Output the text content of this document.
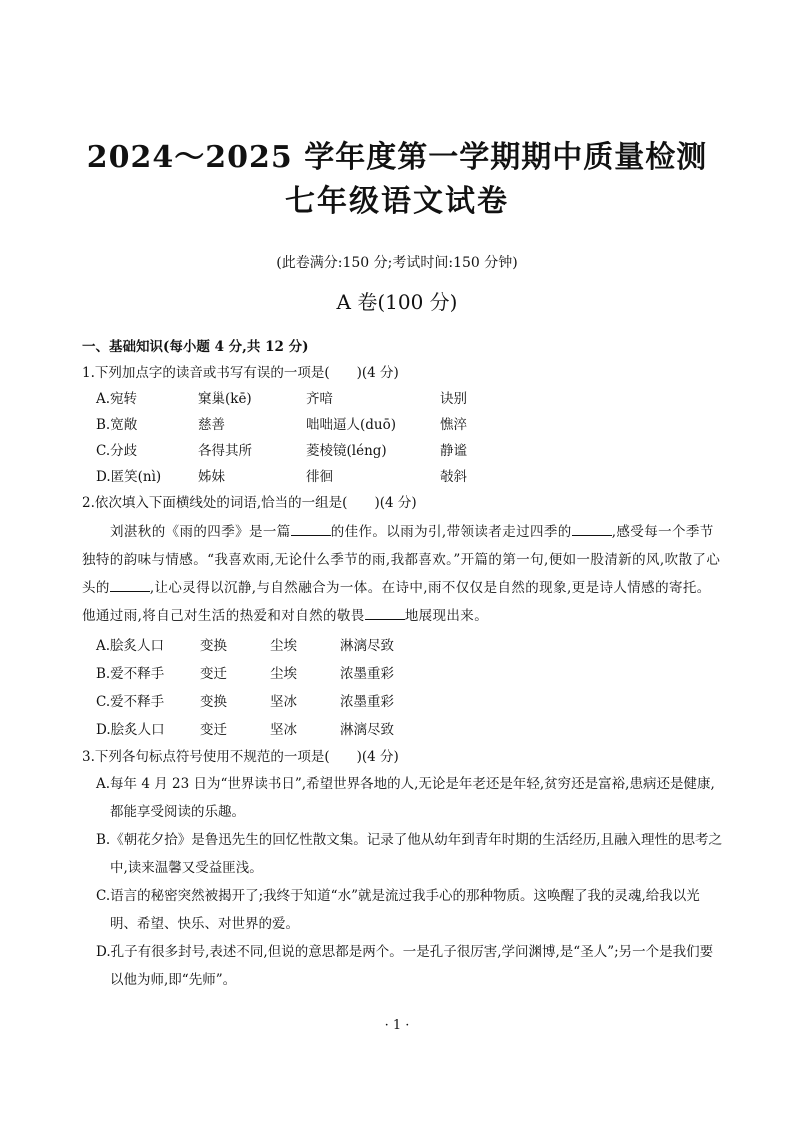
2024～2025 学年度第一学期期中质量检测
七年级语文试卷
(此卷满分:150 分;考试时间:150 分钟)
A 卷(100 分)
一、基础知识(每小题 4 分,共 12 分)
1.下列加点字的读音或书写有误的一项是(　　)(4 分)
A.宛转	窠巢(kē)	齐喑	诀别
B.宽敞	慈善	咄咄逼人(duō)	憔淬
C.分歧	各得其所	菱棱镜(léng)	静谧
D.匿笑(nì)	姊妹	徘徊	攲斜
2.依次填入下面横线处的词语,恰当的一组是(　　)(4 分)
刘湛秋的《雨的四季》是一篇	的佳作。以雨为引,带领读者走过四季的	,感受每一个季节独特的韵味与情感。“我喜欢雨,无论什么季节的雨,我都喜欢。”开篇的第一句,便如一股清新的风,吹散了心头的	,让心灵得以沉静,与自然融合为一体。在诗中,雨不仅仅是自然的现象,更是诗人情感的寄托。他通过雨,将自己对生活的热爱和对自然的敬畏	地展现出来。
A.脍炙人口	变换	尘埃	淋漓尽致
B.爱不释手	变迁	尘埃	浓墨重彩
C.爱不释手	变换	坚冰	浓墨重彩
D.脍炙人口	变迁	坚冰	淋漓尽致
3.下列各句标点符号使用不规范的一项是(　　)(4 分)
A.每年 4 月 23 日为“世界读书日”,希望世界各地的人,无论是年老还是年轻,贫穷还是富裕,患病还是健康,都能享受阅读的乐趣。
B.《朝花夕拾》是鲁迅先生的回忆性散文集。记录了他从幼年到青年时期的生活经历,且融入理性的思考之中,读来温馨又受益匪浅。
C.语言的秘密突然被揭开了;我终于知道“水”就是流过我手心的那种物质。这唤醒了我的灵魂,给我以光明、希望、快乐、对世界的爱。
D.孔子有很多封号,表述不同,但说的意思都是两个。一是孔子很厉害,学问渊博,是“圣人”;另一个是我们要以他为师,即“先师”。
· 1 ·
